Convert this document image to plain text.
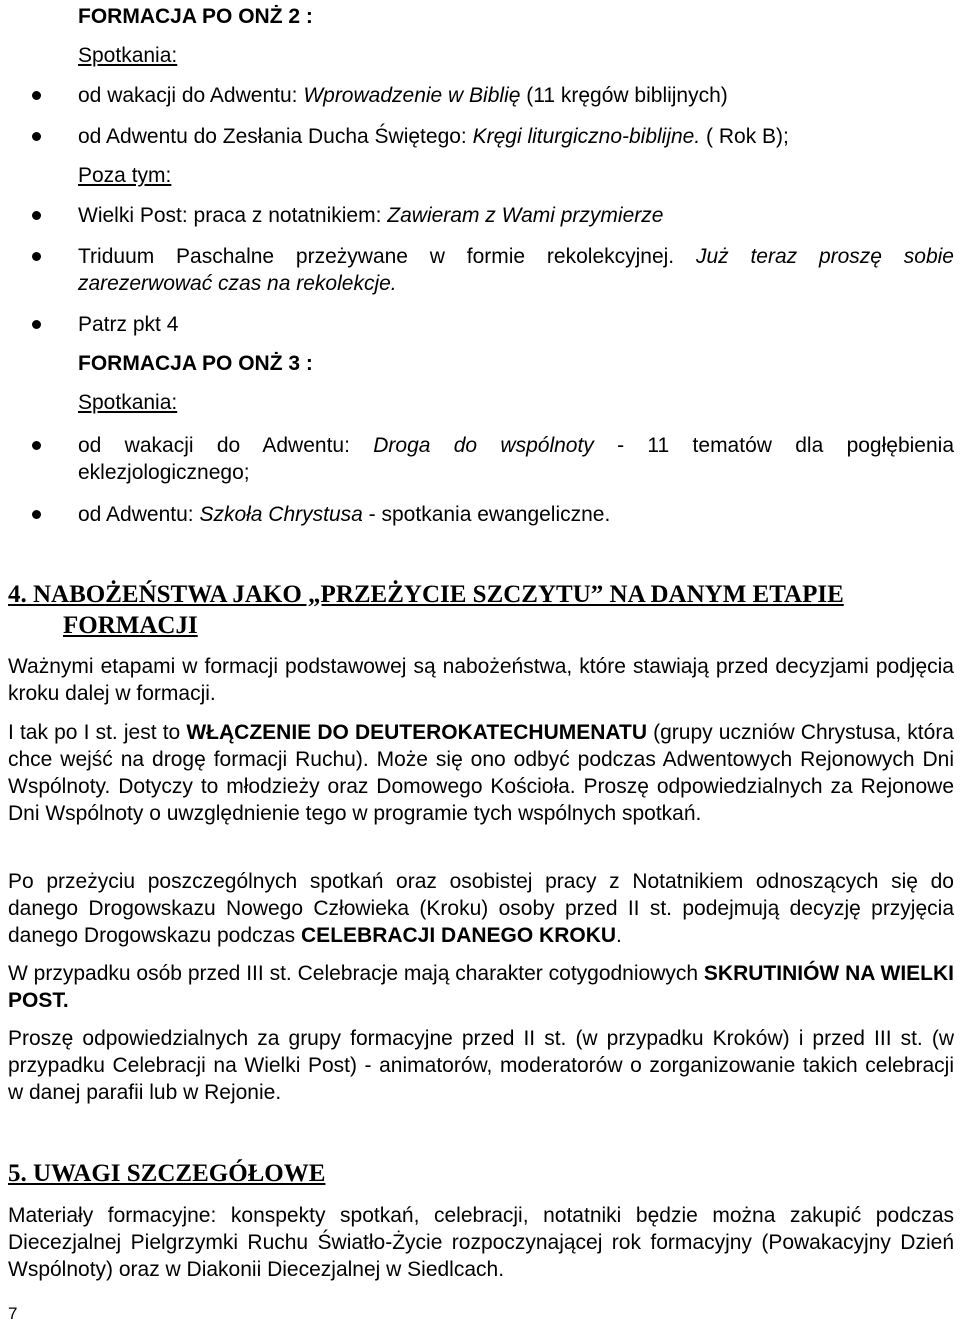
FORMACJA PO ONŻ 2 :
Spotkania:
od wakacji do Adwentu: Wprowadzenie w Biblię (11 kręgów biblijnych)
od Adwentu do Zesłania Ducha Świętego: Kręgi liturgiczno-biblijne. ( Rok B);
Poza tym:
Wielki Post: praca z notatnikiem: Zawieram z Wami przymierze
Triduum Paschalne przeżywane w formie rekolekcyjnej. Już teraz proszę sobie
zarezerwować czas na rekolekcje.
Patrz pkt 4
FORMACJA PO ONŻ 3 :
Spotkania:
od wakacji do Adwentu: Droga do wspólnoty - 11 tematów dla pogłębienia
eklezjologicznego;
od Adwentu: Szkoła Chrystusa - spotkania ewangeliczne.
4. NABOŻEŃSTWA JAKO „PRZEŻYCIE SZCZYTU” NA DANYM ETAPIE
FORMACJI
Ważnymi etapami w formacji podstawowej są nabożeństwa, które stawiają przed decyzjami podjęcia kroku dalej w formacji.
I tak po I st. jest to WŁĄCZENIE DO DEUTEROKATECHUMENATU (grupy uczniów Chrystusa, która chce wejść na drogę formacji Ruchu). Może się ono odbyć podczas Adwentowych Rejonowych Dni Wspólnoty. Dotyczy to młodzieży oraz Domowego Kościoła. Proszę odpowiedzialnych za Rejonowe Dni Wspólnoty o uwzględnienie tego w programie tych wspólnych spotkań.
Po przeżyciu poszczególnych spotkań oraz osobistej pracy z Notatnikiem odnoszących się do danego Drogowskazu Nowego Człowieka (Kroku) osoby przed II st. podejmują decyzję przyjęcia danego Drogowskazu podczas CELEBRACJI DANEGO KROKU.
W przypadku osób przed III st. Celebracje mają charakter cotygodniowych SKRUTINIÓW NA WIELKI POST.
Proszę odpowiedzialnych za grupy formacyjne przed II st. (w przypadku Kroków) i przed III st. (w przypadku Celebracji na Wielki Post) - animatorów, moderatorów o zorganizowanie takich celebracji w danej parafii lub w Rejonie.
5. UWAGI SZCZEGÓŁOWE
Materiały formacyjne: konspekty spotkań, celebracji, notatniki będzie można zakupić podczas Diecezjalnej Pielgrzymki Ruchu Światło-Życie rozpoczynającej rok formacyjny (Powakacyjny Dzień Wspólnoty) oraz w Diakonii Diecezjalnej w Siedlcach.
7
